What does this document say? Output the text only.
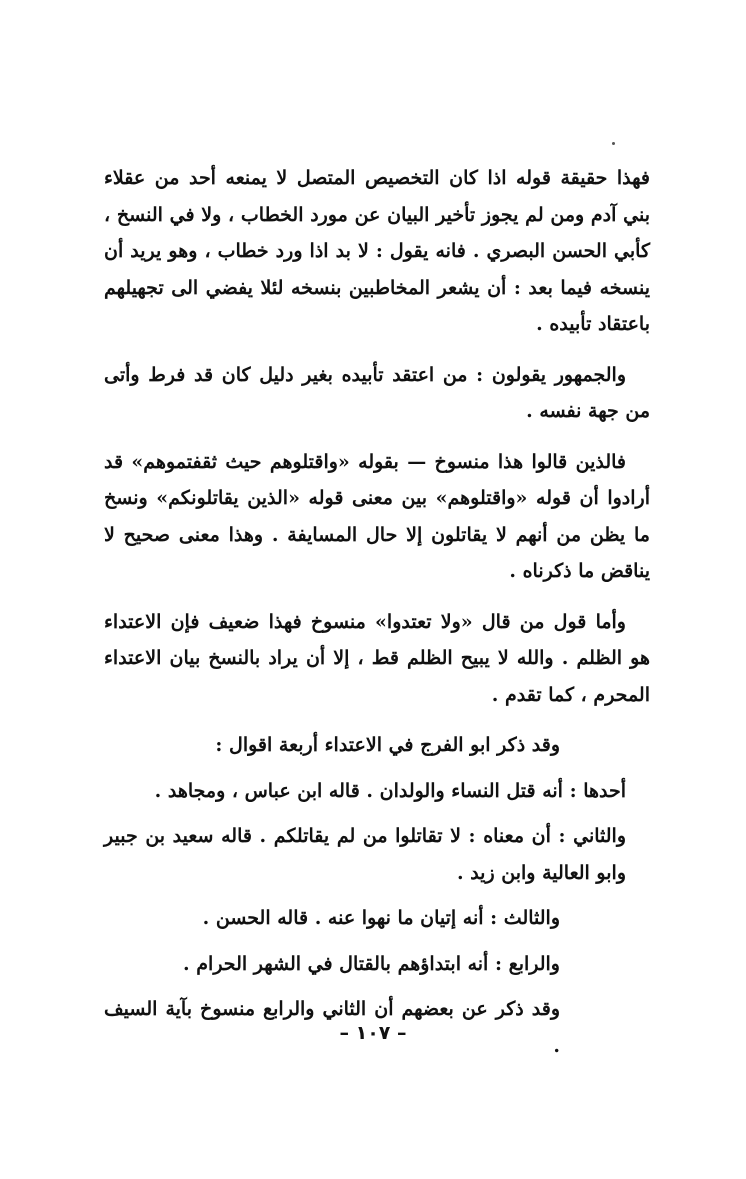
فهذا حقيقة قوله اذا كان التخصيص المتصل لا يمنعه أحد من عقلاء بني آدم ومن لم يجوز تأخير البيان عن مورد الخطاب ، ولا في النسخ ، كأبي الحسن البصري . فانه يقول : لا بد اذا ورد خطاب ، وهو يريد أن ينسخه فيما بعد : أن يشعر المخاطبين بنسخه لئلا يفضي الى تجهيلهم باعتقاد تأبيده .

والجمهور يقولون : من اعتقد تأبيده بغير دليل كان قد فرط وأتى من جهة نفسه .

فالذين قالوا هذا منسوخ — بقوله «واقتلوهم حيث ثقفتموهم» قد أرادوا أن قوله «واقتلوهم» بين معنى قوله «الذين يقاتلونكم» ونسخ ما يظن من أنهم لا يقاتلون إلا حال المسايفة . وهذا معنى صحيح لا يناقض ما ذكرناه .

وأما قول من قال «ولا تعتدوا» منسوخ فهذا ضعيف فإن الاعتداء هو الظلم . والله لا يبيح الظلم قط ، إلا أن يراد بالنسخ بيان الاعتداء المحرم ، كما تقدم .

وقد ذكر ابو الفرج في الاعتداء أربعة اقوال :

أحدها : أنه قتل النساء والولدان . قاله ابن عباس ، ومجاهد .

والثاني : أن معناه : لا تقاتلوا من لم يقاتلكم . قاله سعيد بن جبير وابو العالية وابن زيد .

والثالث : أنه إتيان ما نهوا عنه . قاله الحسن .

والرابع : أنه ابتداؤهم بالقتال في الشهر الحرام .

وقد ذكر عن بعضهم أن الثاني والرابع منسوخ بآية السيف .

– ١٠٧ –
